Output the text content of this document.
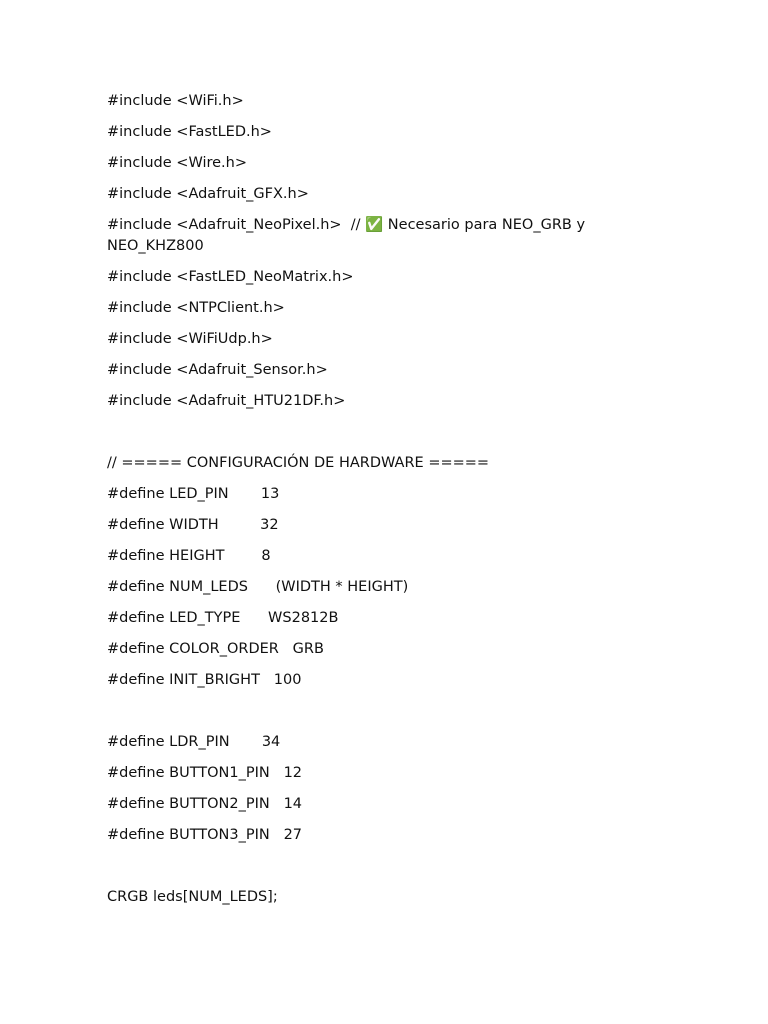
#include <WiFi.h>
#include <FastLED.h>
#include <Wire.h>
#include <Adafruit_GFX.h>
#include <Adafruit_NeoPixel.h>  // ✅ Necesario para NEO_GRB y NEO_KHZ800
#include <FastLED_NeoMatrix.h>
#include <NTPClient.h>
#include <WiFiUdp.h>
#include <Adafruit_Sensor.h>
#include <Adafruit_HTU21DF.h>
// ===== CONFIGURACIÓN DE HARDWARE =====
#define LED_PIN       13
#define WIDTH         32
#define HEIGHT        8
#define NUM_LEDS      (WIDTH * HEIGHT)
#define LED_TYPE      WS2812B
#define COLOR_ORDER   GRB
#define INIT_BRIGHT   100
#define LDR_PIN       34
#define BUTTON1_PIN   12
#define BUTTON2_PIN   14
#define BUTTON3_PIN   27
CRGB leds[NUM_LEDS];
